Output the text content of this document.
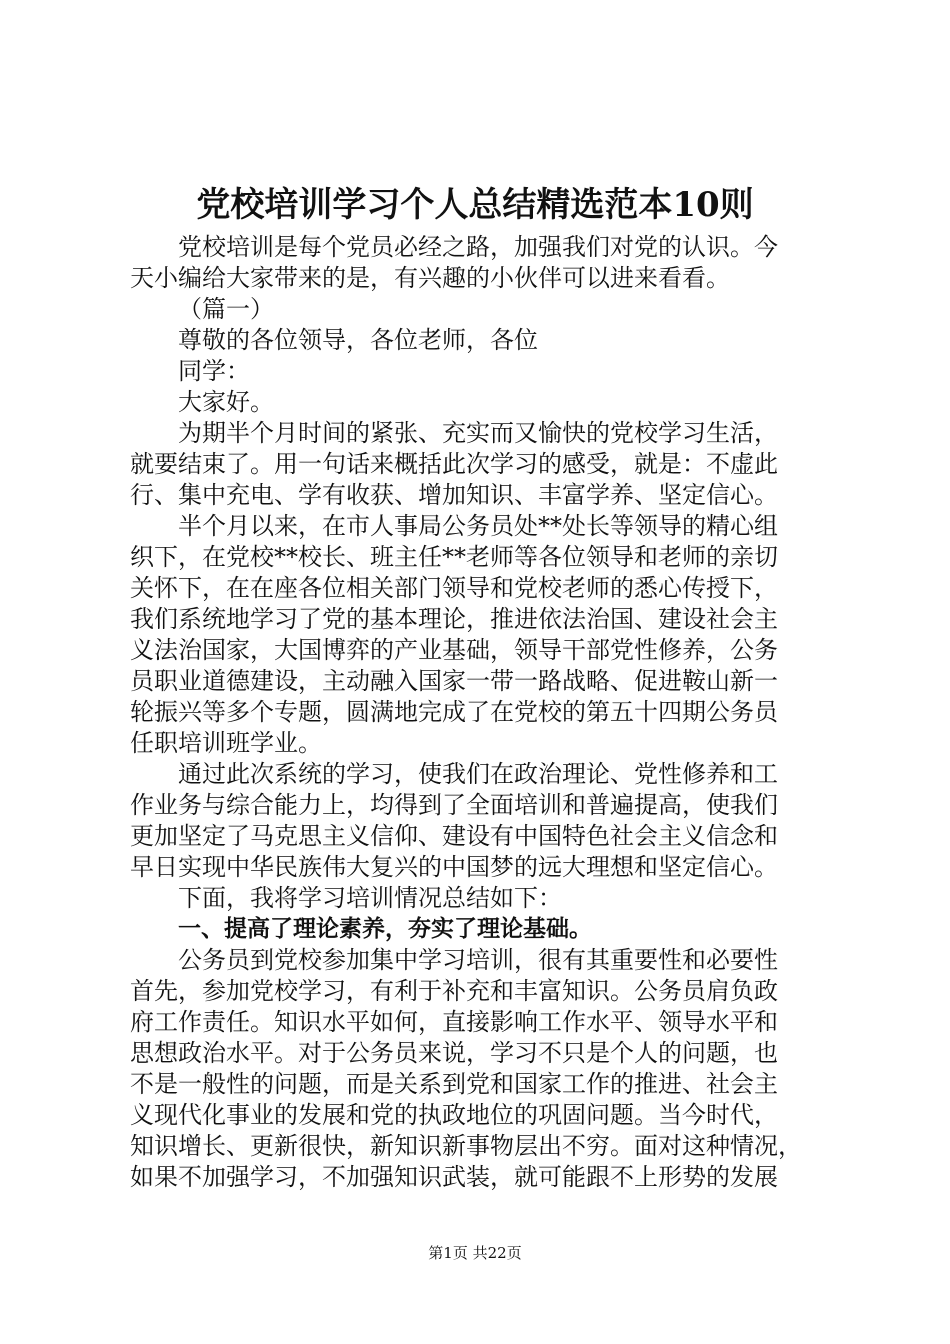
党校培训学习个人总结精选范本10则
党校培训是每个党员必经之路，加强我们对党的认识。今
天小编给大家带来的是，有兴趣的小伙伴可以进来看看。
（篇一）
尊敬的各位领导，各位老师，各位
同学：
大家好。
为期半个月时间的紧张、充实而又愉快的党校学习生活，
就要结束了。用一句话来概括此次学习的感受，就是：不虚此
行、集中充电、学有收获、增加知识、丰富学养、坚定信心。
半个月以来，在市人事局公务员处**处长等领导的精心组
织下，在党校**校长、班主任**老师等各位领导和老师的亲切
关怀下，在在座各位相关部门领导和党校老师的悉心传授下，
我们系统地学习了党的基本理论，推进依法治国、建设社会主
义法治国家，大国博弈的产业基础，领导干部党性修养，公务
员职业道德建设，主动融入国家一带一路战略、促进鞍山新一
轮振兴等多个专题，圆满地完成了在党校的第五十四期公务员
任职培训班学业。
通过此次系统的学习，使我们在政治理论、党性修养和工
作业务与综合能力上，均得到了全面培训和普遍提高，使我们
更加坚定了马克思主义信仰、建设有中国特色社会主义信念和
早日实现中华民族伟大复兴的中国梦的远大理想和坚定信心。
下面，我将学习培训情况总结如下：
一、提高了理论素养，夯实了理论基础。
公务员到党校参加集中学习培训，很有其重要性和必要性
首先，参加党校学习，有利于补充和丰富知识。公务员肩负政
府工作责任。知识水平如何，直接影响工作水平、领导水平和
思想政治水平。对于公务员来说，学习不只是个人的问题，也
不是一般性的问题，而是关系到党和国家工作的推进、社会主
义现代化事业的发展和党的执政地位的巩固问题。当今时代，
知识增长、更新很快，新知识新事物层出不穷。面对这种情况，
如果不加强学习，不加强知识武装，就可能跟不上形势的发展
第1页 共22页
